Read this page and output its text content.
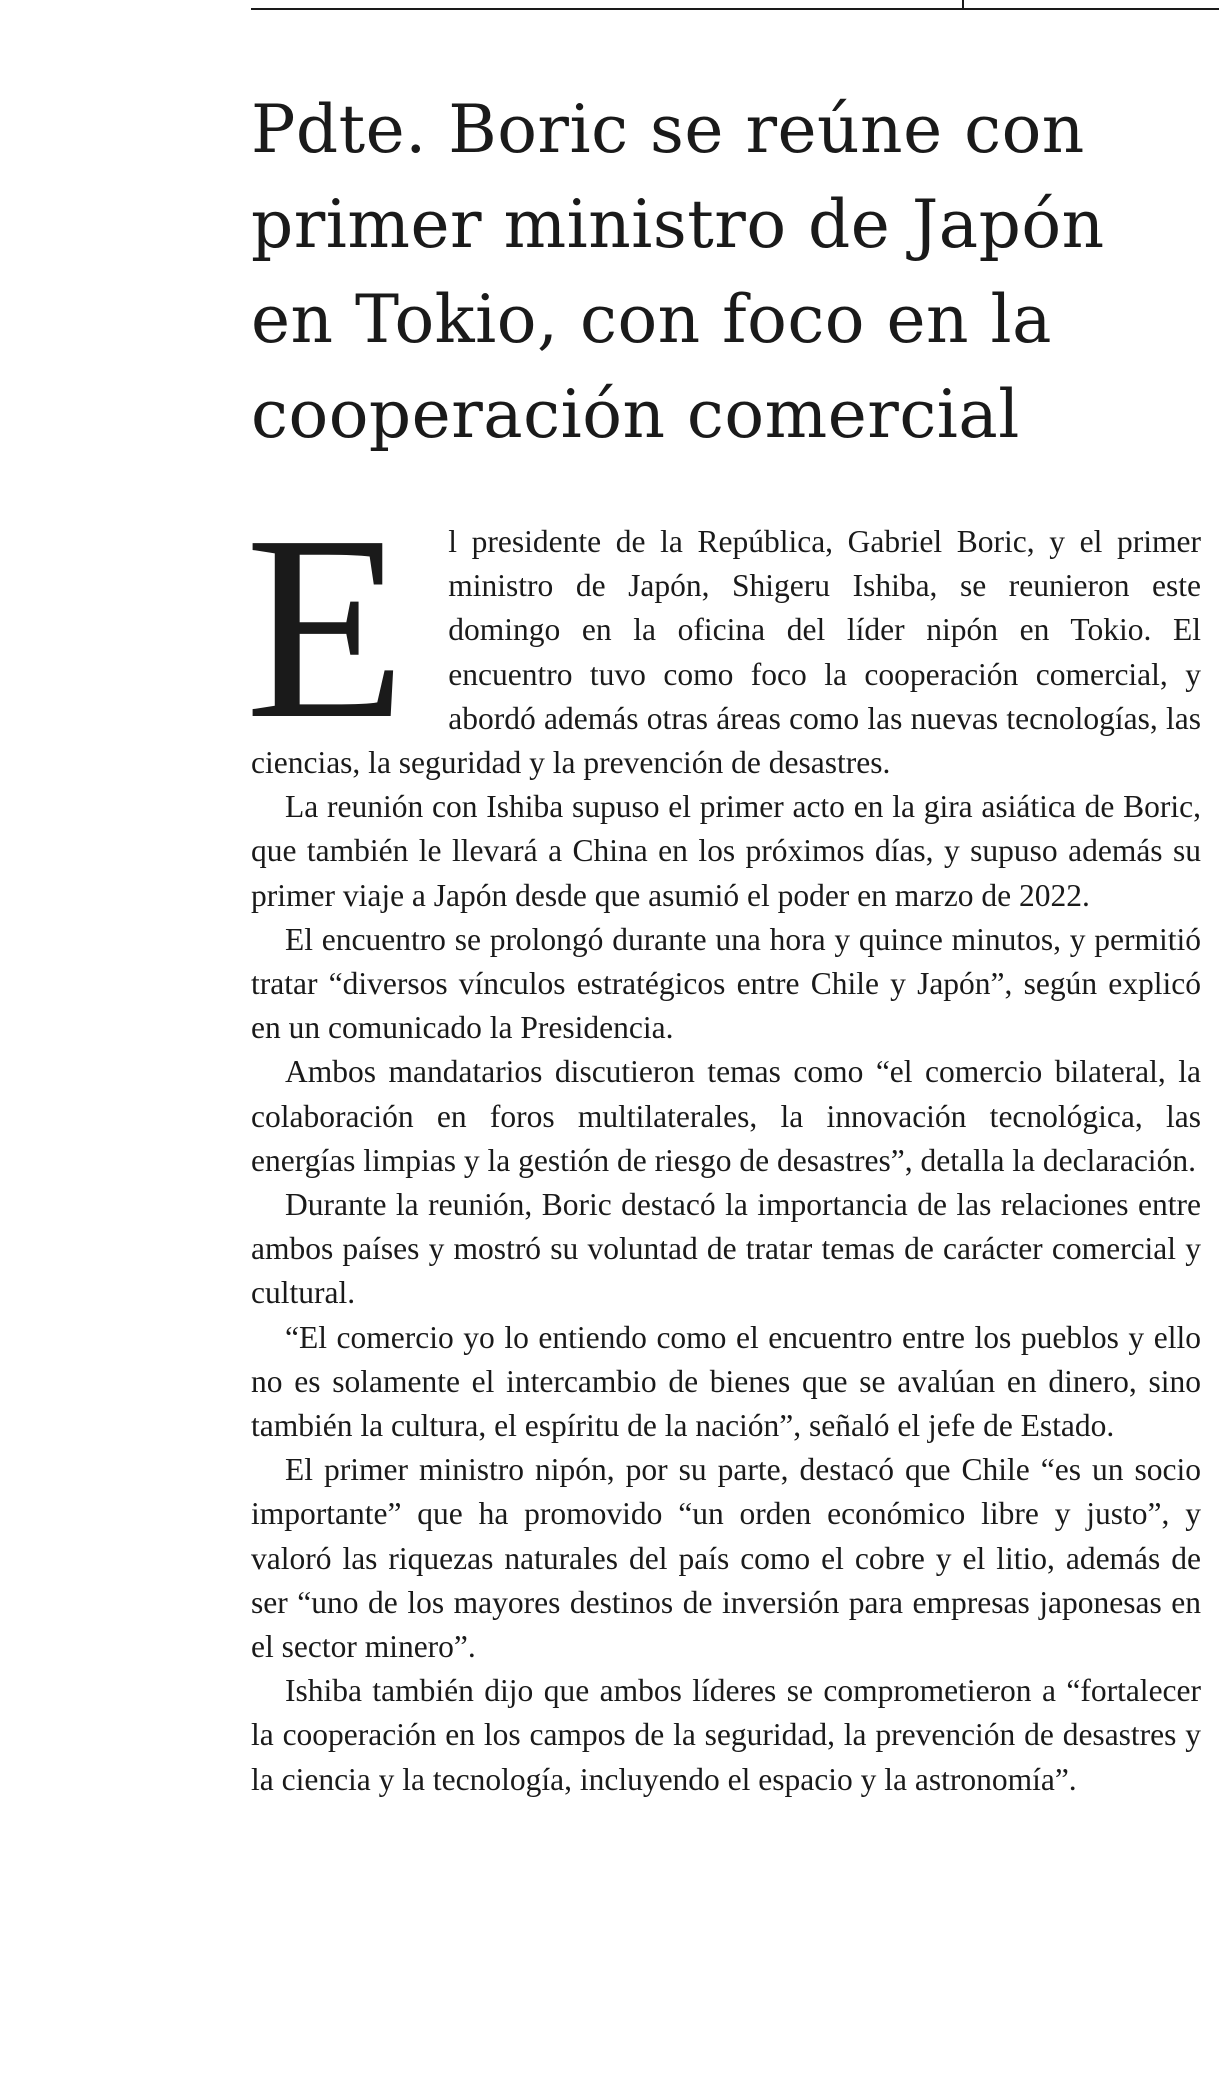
Pdte. Boric se reúne con
primer ministro de Japón
en Tokio, con foco en la
cooperación comercial

E l presidente de la República, Gabriel Boric, y el primer ministro de Japón, Shigeru Ishiba, se reunieron este domingo en la oficina del líder nipón en Tokio. El encuentro tuvo como foco la cooperación comercial, y abordó además otras áreas como las nuevas tecnologías, las ciencias, la seguridad y la prevención de desastres.

La reunión con Ishiba supuso el primer acto en la gira asiática de Boric, que también le llevará a China en los próximos días, y supuso además su primer viaje a Japón desde que asumió el poder en marzo de 2022.

El encuentro se prolongó durante una hora y quince minutos, y permitió tratar “diversos vínculos estratégicos entre Chile y Japón”, según explicó en un comunicado la Presidencia.

Ambos mandatarios discutieron temas como “el comercio bilateral, la colaboración en foros multilaterales, la innovación tecnológica, las energías limpias y la gestión de riesgo de desastres”, detalla la declaración.

Durante la reunión, Boric destacó la importancia de las relaciones entre ambos países y mostró su voluntad de tratar temas de carácter comercial y cultural.

“El comercio yo lo entiendo como el encuentro entre los pueblos y ello no es solamente el intercambio de bienes que se avalúan en dinero, sino también la cultura, el espíritu de la nación”, señaló el jefe de Estado.

El primer ministro nipón, por su parte, destacó que Chile “es un socio importante” que ha promovido “un orden económico libre y justo”, y valoró las riquezas naturales del país como el cobre y el litio, además de ser “uno de los mayores destinos de inversión para empresas japonesas en el sector minero”.

Ishiba también dijo que ambos líderes se comprometieron a “fortalecer la cooperación en los campos de la seguridad, la prevención de desastres y la ciencia y la tecnología, incluyendo el espacio y la astronomía”.
